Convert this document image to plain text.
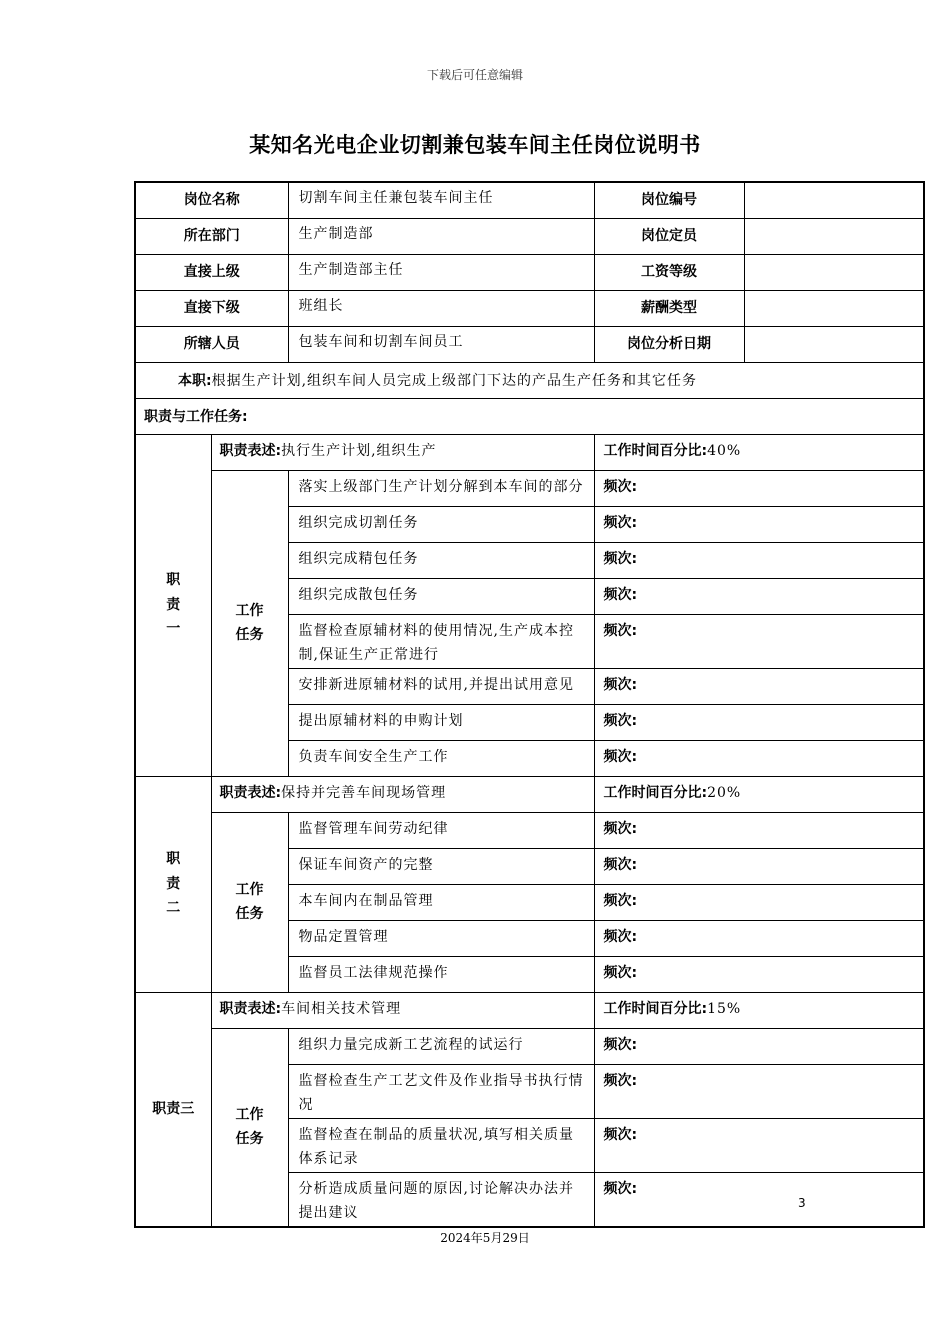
下载后可任意编辑
某知名光电企业切割兼包装车间主任岗位说明书
岗位名称		切割车间主任兼包装车间主任	岗位编号	
所在部门		生产制造部	岗位定员	
直接上级		生产制造部主任	工资等级	
直接下级		班组长	薪酬类型	
所辖人员		包装车间和切割车间员工	岗位分析日期	
本职:根据生产计划,组织车间人员完成上级部门下达的产品生产任务和其它任务				
职责与工作任务:				
职责一	职责表述:执行生产计划,组织生产		工作时间百分比:40%	
	工作任务	落实上级部门生产计划分解到本车间的部分	频次:	
		组织完成切割任务	频次:	
		组织完成精包任务	频次:	
		组织完成散包任务	频次:	
		监督检查原辅材料的使用情况,生产成本控制,保证生产正常进行	频次:	
		安排新进原辅材料的试用,并提出试用意见	频次:	
		提出原辅材料的申购计划	频次:	
		负责车间安全生产工作	频次:	
职责二	职责表述:保持并完善车间现场管理		工作时间百分比:20%	
	工作任务	监督管理车间劳动纪律	频次:	
		保证车间资产的完整	频次:	
		本车间内在制品管理	频次:	
		物品定置管理	频次:	
		监督员工法律规范操作	频次:	
职责三	职责表述:车间相关技术管理		工作时间百分比:15%	
	工作任务	组织力量完成新工艺流程的试运行	频次:	
		监督检查生产工艺文件及作业指导书执行情况	频次:	
		监督检查在制品的质量状况,填写相关质量体系记录	频次:	
		分析造成质量问题的原因,讨论解决办法并提出建议	频次:	
3
2024年5月29日
